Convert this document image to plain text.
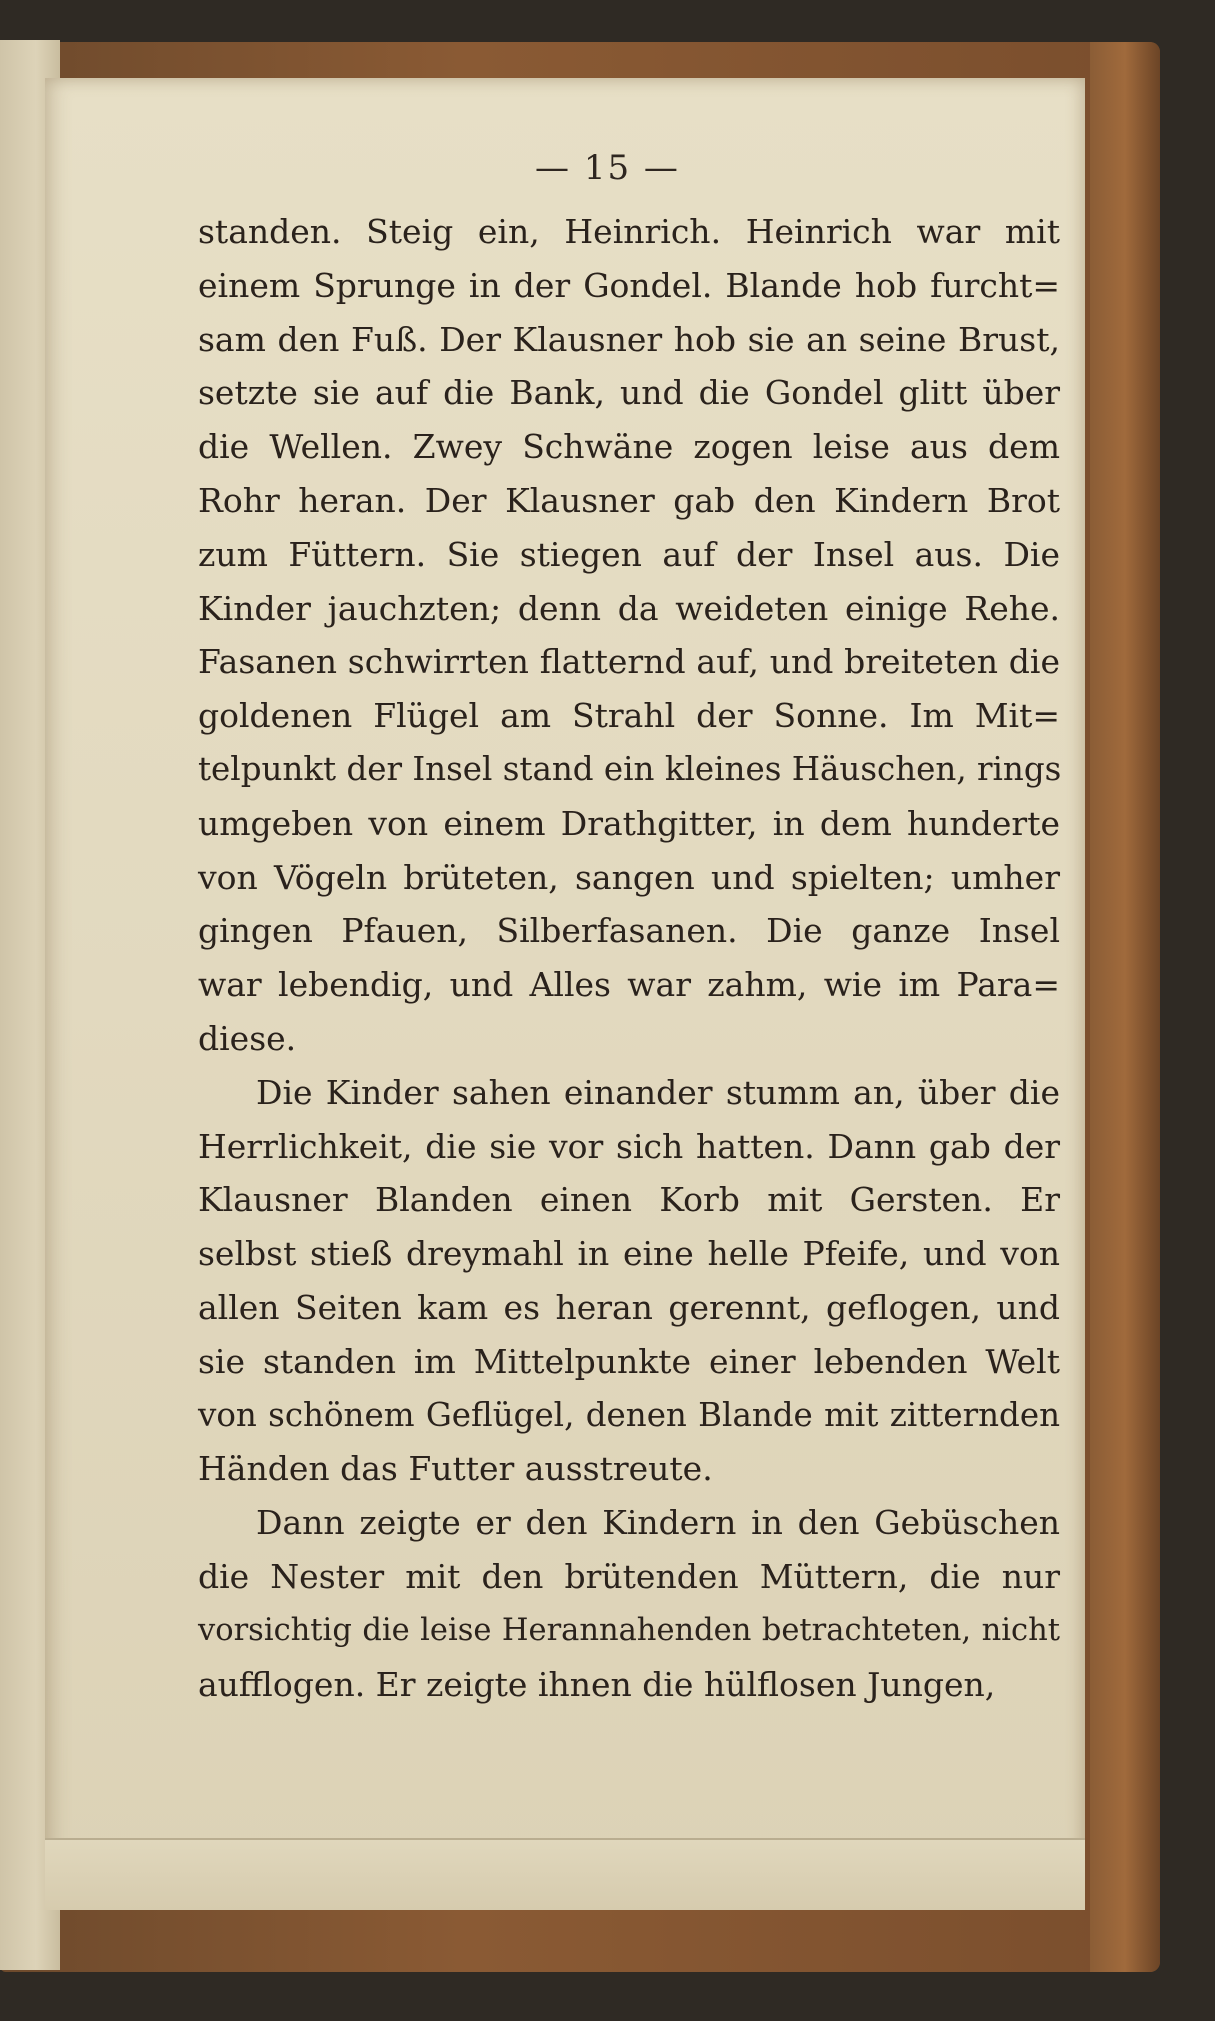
— 15 —
standen. Steig ein, Heinrich. Heinrich war mit
einem Sprunge in der Gondel. Blande hob furcht=
sam den Fuß. Der Klausner hob sie an seine Brust,
setzte sie auf die Bank, und die Gondel glitt über
die Wellen. Zwey Schwäne zogen leise aus dem
Rohr heran. Der Klausner gab den Kindern Brot
zum Füttern. Sie stiegen auf der Insel aus. Die
Kinder jauchzten; denn da weideten einige Rehe.
Fasanen schwirrten flatternd auf, und breiteten die
goldenen Flügel am Strahl der Sonne. Im Mit=
telpunkt der Insel stand ein kleines Häuschen, rings
umgeben von einem Drathgitter, in dem hunderte
von Vögeln brüteten, sangen und spielten; umher
gingen Pfauen, Silberfasanen. Die ganze Insel
war lebendig, und Alles war zahm, wie im Para=
diese.
Die Kinder sahen einander stumm an, über die
Herrlichkeit, die sie vor sich hatten. Dann gab der
Klausner Blanden einen Korb mit Gersten. Er
selbst stieß dreymahl in eine helle Pfeife, und von
allen Seiten kam es heran gerennt, geflogen, und
sie standen im Mittelpunkte einer lebenden Welt
von schönem Geflügel, denen Blande mit zitternden
Händen das Futter ausstreute.
Dann zeigte er den Kindern in den Gebüschen
die Nester mit den brütenden Müttern, die nur
vorsichtig die leise Herannahenden betrachteten, nicht
aufflogen. Er zeigte ihnen die hülflosen Jungen,
